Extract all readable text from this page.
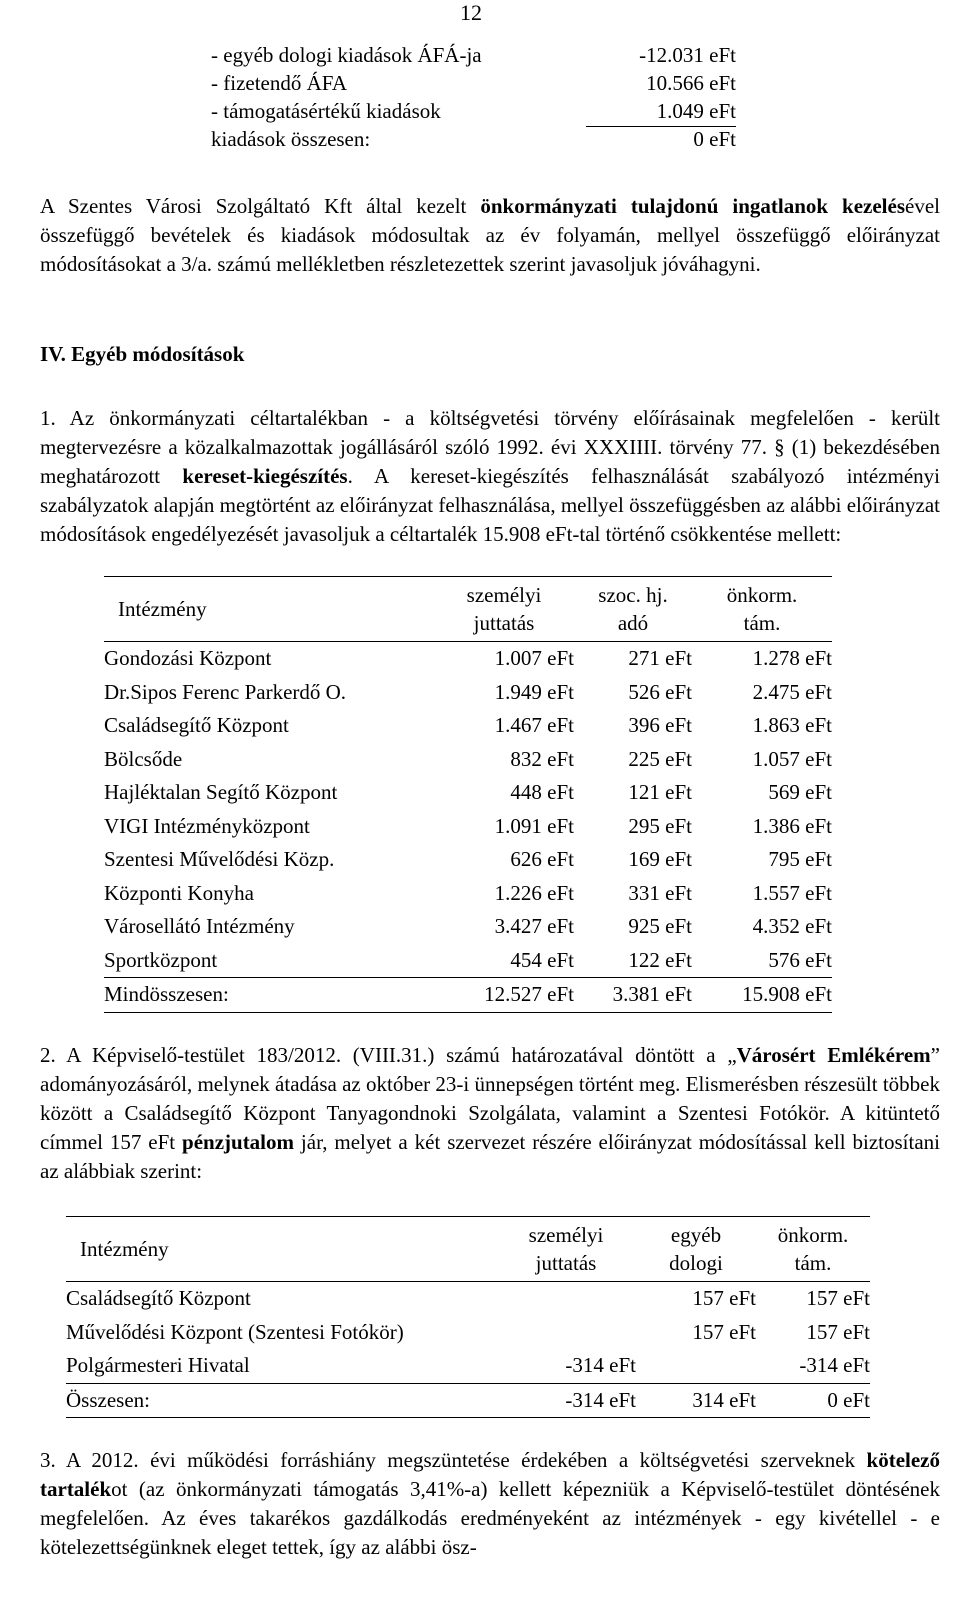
12
- egyéb dologi kiadások ÁFÁ-ja	-12.031 eFt
- fizetendő ÁFA	10.566 eFt
- támogatásértékű kiadások	1.049 eFt
kiadások összesen:	0 eFt
A Szentes Városi Szolgáltató Kft által kezelt önkormányzati tulajdonú ingatlanok kezelésével összefüggő bevételek és kiadások módosultak az év folyamán, mellyel összefüggő előirányzat módosításokat a 3/a. számú mellékletben részletezettek szerint javasoljuk jóváhagyni.
IV. Egyéb módosítások
1. Az önkormányzati céltartalékban - a költségvetési törvény előírásainak megfelelően - került megtervezésre a közalkalmazottak jogállásáról szóló 1992. évi XXXIIII. törvény 77. § (1) bekezdésében meghatározott kereset-kiegészítés. A kereset-kiegészítés felhasználását szabályozó intézményi szabályzatok alapján megtörtént az előirányzat felhasználása, mellyel összefüggésben az alábbi előirányzat módosítások engedélyezését javasoljuk a céltartalék 15.908 eFt-tal történő csökkentése mellett:
Intézmény	személyi	szoc. hj.	önkorm.
	juttatás	adó	tám.
Gondozási Központ	1.007 eFt	271 eFt	1.278 eFt
Dr.Sipos Ferenc Parkerdő O.	1.949 eFt	526 eFt	2.475 eFt
Családsegítő Központ	1.467 eFt	396 eFt	1.863 eFt
Bölcsőde	832 eFt	225 eFt	1.057 eFt
Hajléktalan Segítő Központ	448 eFt	121 eFt	569 eFt
VIGI Intézményközpont	1.091 eFt	295 eFt	1.386 eFt
Szentesi Művelődési Közp.	626 eFt	169 eFt	795 eFt
Központi Konyha	1.226 eFt	331 eFt	1.557 eFt
Városellátó Intézmény	3.427 eFt	925 eFt	4.352 eFt
Sportközpont	454 eFt	122 eFt	576 eFt
Mindösszesen:	12.527 eFt	3.381 eFt	15.908 eFt
2. A Képviselő-testület 183/2012. (VIII.31.) számú határozatával döntött a „Városért Emlékérem” adományozásáról, melynek átadása az október 23-i ünnepségen történt meg. Elismerésben részesült többek között a Családsegítő Központ Tanyagondnoki Szolgálata, valamint a Szentesi Fotókör. A kitüntető címmel 157 eFt pénzjutalom jár, melyet a két szervezet részére előirányzat módosítással kell biztosítani az alábbiak szerint:
Intézmény	személyi	egyéb	önkorm.
	juttatás	dologi	tám.
Családsegítő Központ		157 eFt	157 eFt
Művelődési Központ (Szentesi Fotókör)		157 eFt	157 eFt
Polgármesteri Hivatal	-314 eFt		-314 eFt
Összesen:	-314 eFt	314 eFt	0 eFt
3. A 2012. évi működési forráshiány megszüntetése érdekében a költségvetési szerveknek kötelező tartalékot (az önkormányzati támogatás 3,41%-a) kellett képezniük a Képviselő-testület döntésének megfelelően. Az éves takarékos gazdálkodás eredményeként az intézmények - egy kivétellel - e kötelezettségünknek eleget tettek, így az alábbi ösz-
